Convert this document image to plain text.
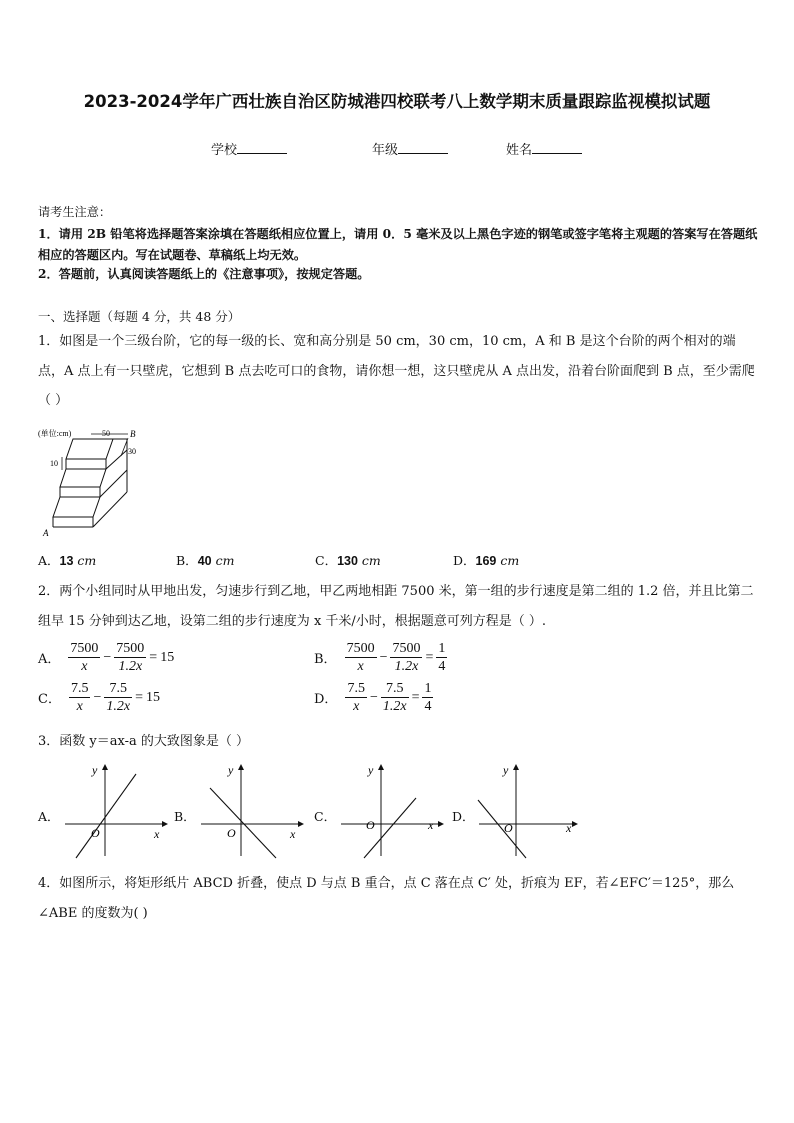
2023-2024学年广西壮族自治区防城港四校联考八上数学期末质量跟踪监视模拟试题
学校	年级	姓名
请考生注意：
1．请用 2B 铅笔将选择题答案涂填在答题纸相应位置上，请用 0．5 毫米及以上黑色字迹的钢笔或签字笔将主观题的答案写在答题纸相应的答题区内。写在试题卷、草稿纸上均无效。
2．答题前，认真阅读答题纸上的《注意事项》，按规定答题。
一、选择题（每题 4 分，共 48 分）
1．如图是一个三级台阶，它的每一级的长、宽和高分别是 50 cm，30 cm，10 cm，A 和 B 是这个台阶的两个相对的端点，A 点上有一只壁虎，它想到 B 点去吃可口的食物，请你想一想，这只壁虎从 A 点出发，沿着台阶面爬到 B 点，至少需爬（ ）
(单位:cm)	50 B
30
10
A
A．13 cm	B．40 cm	C．130 cm	D．169 cm
2．两个小组同时从甲地出发，匀速步行到乙地，甲乙两地相距 7500 米，第一组的步行速度是第二组的 1.2 倍，并且比第二组早 15 分钟到达乙地，设第二组的步行速度为 x 千米/小时，根据题意可列方程是（ ）.
A． $\frac{7500}{x} - \frac{7500}{1.2x} = 15$	B． $\frac{7500}{x} - \frac{7500}{1.2x} = \frac{1}{4}$
C． $\frac{7.5}{x} - \frac{7.5}{1.2x} = 15$	D． $\frac{7.5}{x} - \frac{7.5}{1.2x} = \frac{1}{4}$
3．函数 y＝ax-a 的大致图象是（ ）
A．
O	x
y
B．
O	x
y
C．
O	x
y
D．
O	x
y
4．如图所示，将矩形纸片 ABCD 折叠，使点 D 与点 B 重合，点 C 落在点 C′ 处，折痕为 EF，若∠EFC′＝125°，那么∠ABE 的度数为( )
